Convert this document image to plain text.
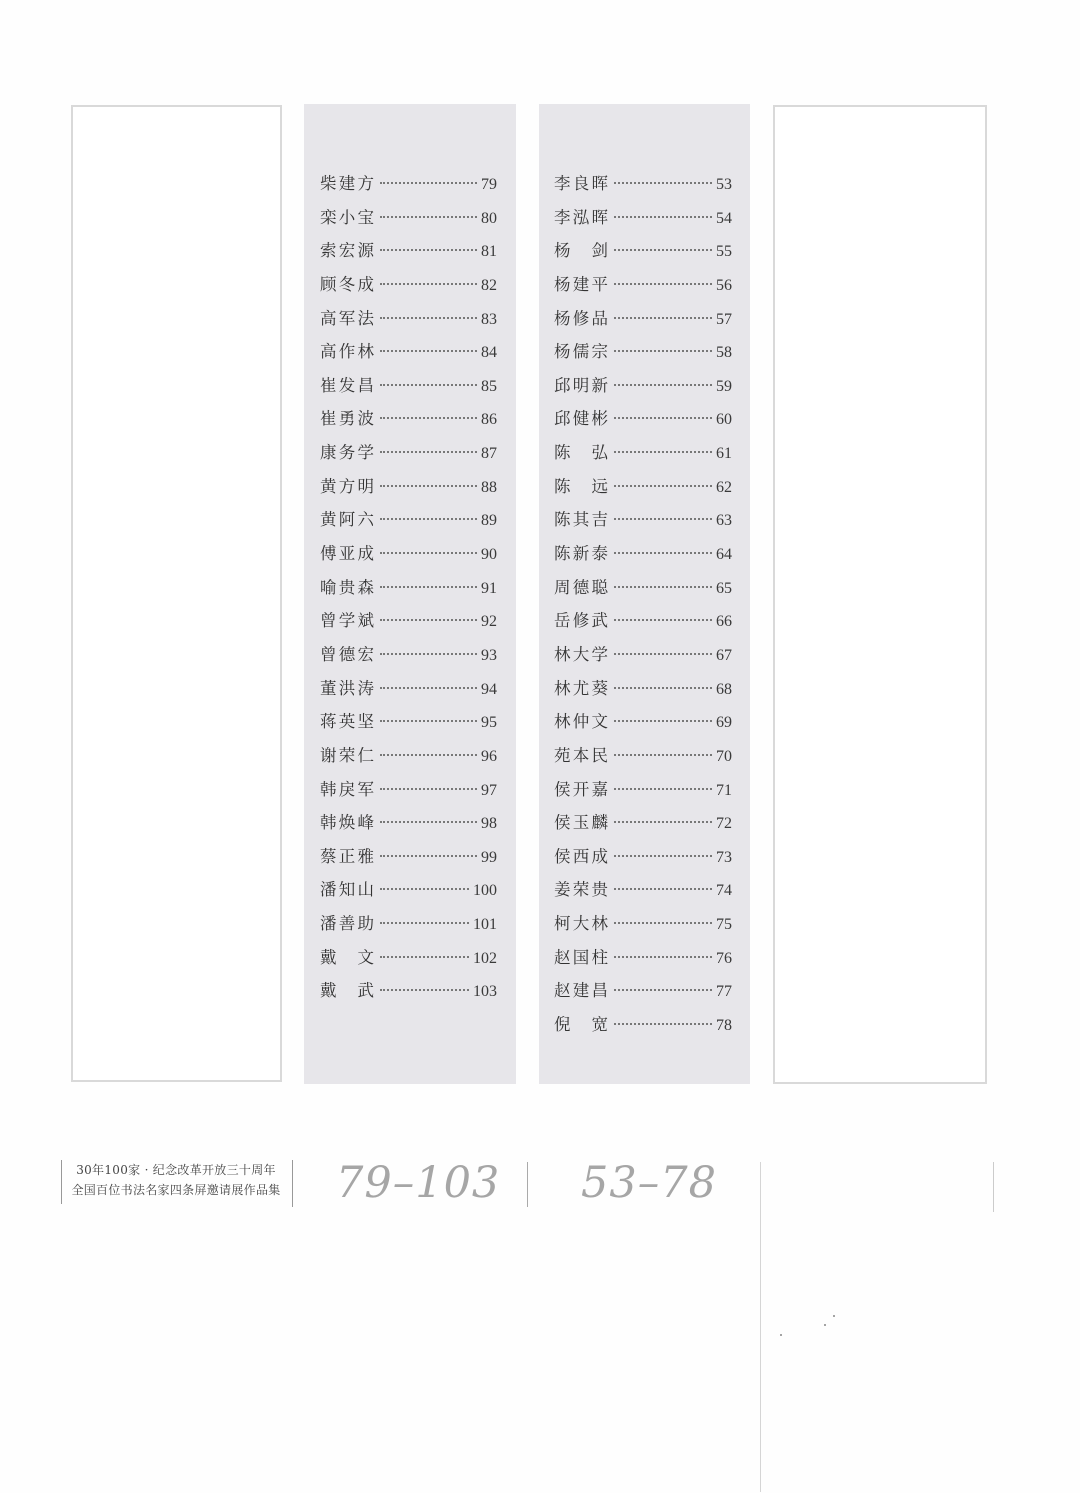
柴建方	79
栾小宝	80
索宏源	81
顾冬成	82
高军法	83
高作林	84
崔发昌	85
崔勇波	86
康务学	87
黄方明	88
黄阿六	89
傅亚成	90
喻贵森	91
曾学斌	92
曾德宏	93
董洪涛	94
蒋英坚	95
谢荣仁	96
韩戾军	97
韩焕峰	98
蔡正雅	99
潘知山	100
潘善助	101
戴文	102
戴武	103
李良晖	53
李泓晖	54
杨剑	55
杨建平	56
杨修品	57
杨儒宗	58
邱明新	59
邱健彬	60
陈弘	61
陈远	62
陈其吉	63
陈新泰	64
周德聪	65
岳修武	66
林大学	67
林尤葵	68
林仲文	69
苑本民	70
侯开嘉	71
侯玉麟	72
侯西成	73
姜荣贵	74
柯大林	75
赵国柱	76
赵建昌	77
倪宽	78
30年100家 · 纪念改革开放三十周年
全国百位书法名家四条屏邀请展作品集 79–103 53–78
